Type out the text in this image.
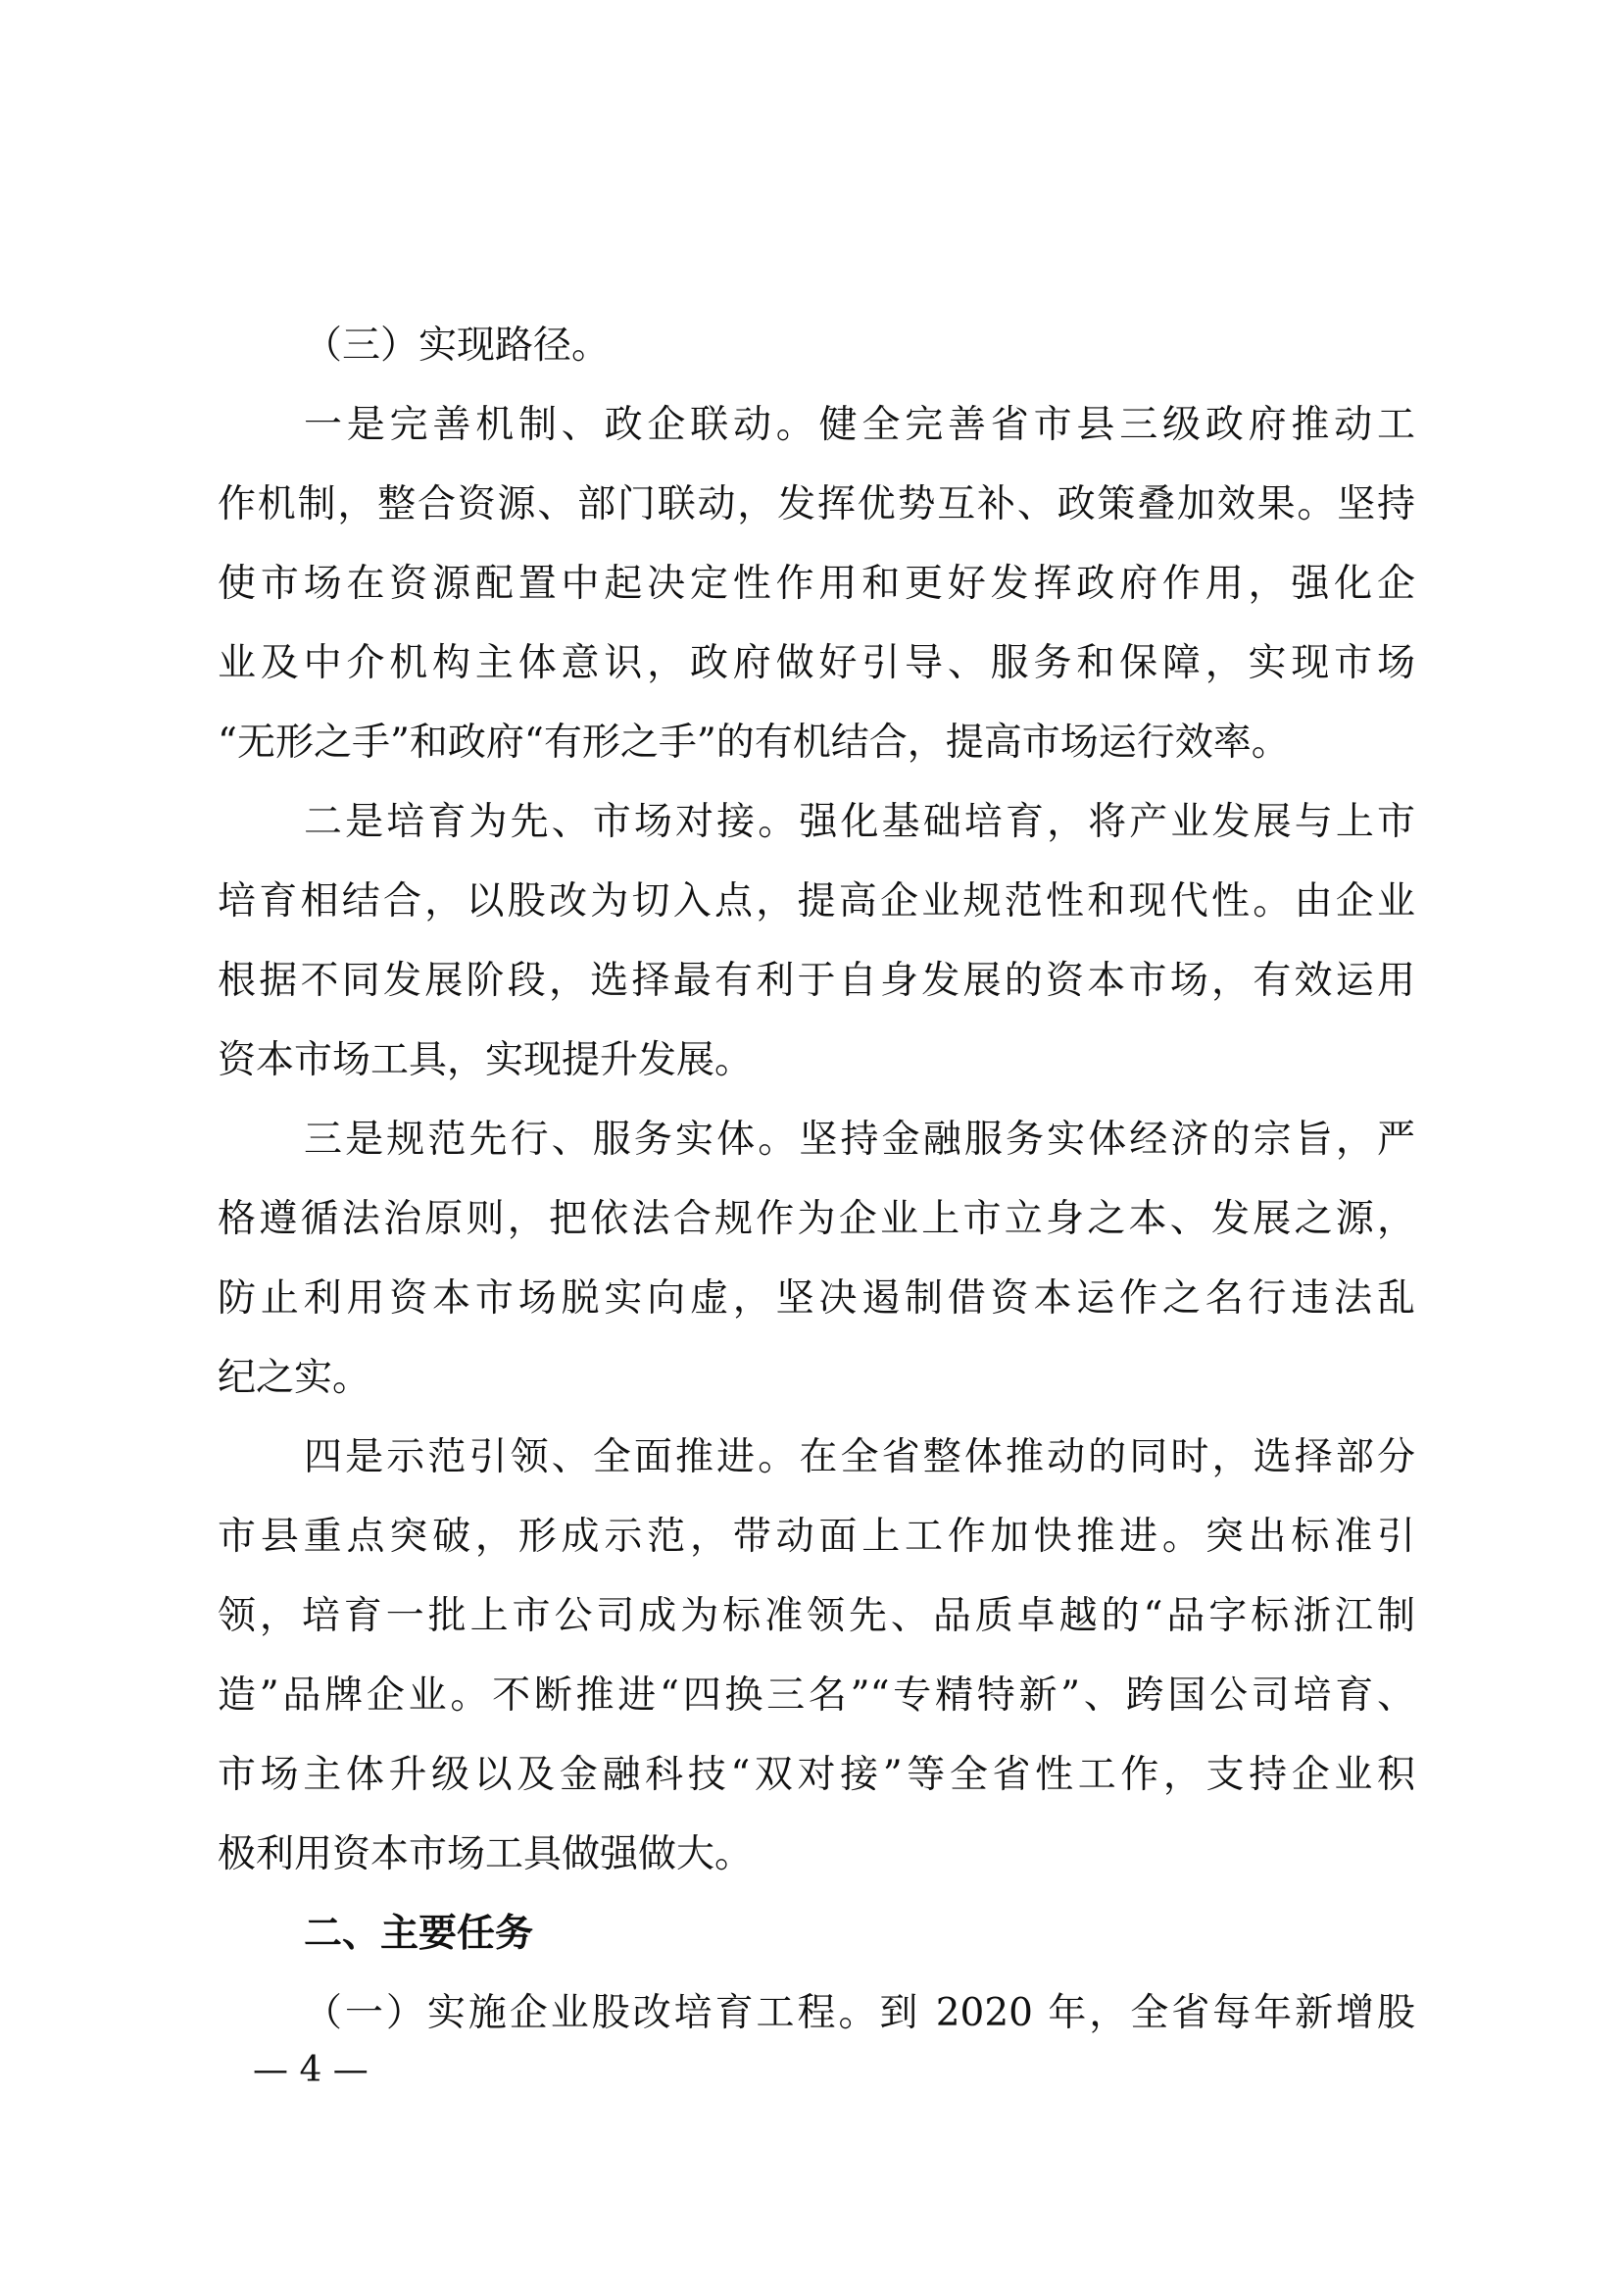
（三）实现路径。
一是完善机制、政企联动。健全完善省市县三级政府推动工
作机制，整合资源、部门联动，发挥优势互补、政策叠加效果。坚持
使市场在资源配置中起决定性作用和更好发挥政府作用，强化企
业及中介机构主体意识，政府做好引导、服务和保障，实现市场
“无形之手”和政府“有形之手”的有机结合，提高市场运行效率。
二是培育为先、市场对接。强化基础培育，将产业发展与上市
培育相结合，以股改为切入点，提高企业规范性和现代性。由企业
根据不同发展阶段，选择最有利于自身发展的资本市场，有效运用
资本市场工具，实现提升发展。
三是规范先行、服务实体。坚持金融服务实体经济的宗旨，严
格遵循法治原则，把依法合规作为企业上市立身之本、发展之源，
防止利用资本市场脱实向虚，坚决遏制借资本运作之名行违法乱
纪之实。
四是示范引领、全面推进。在全省整体推动的同时，选择部分
市县重点突破，形成示范，带动面上工作加快推进。突出标准引
领，培育一批上市公司成为标准领先、品质卓越的“品字标浙江制
造”品牌企业。不断推进“四换三名”“专精特新”、跨国公司培育、
市场主体升级以及金融科技“双对接”等全省性工作，支持企业积
极利用资本市场工具做强做大。
二、主要任务
（一）实施企业股改培育工程。到 2020 年，全省每年新增股
— 4 —
